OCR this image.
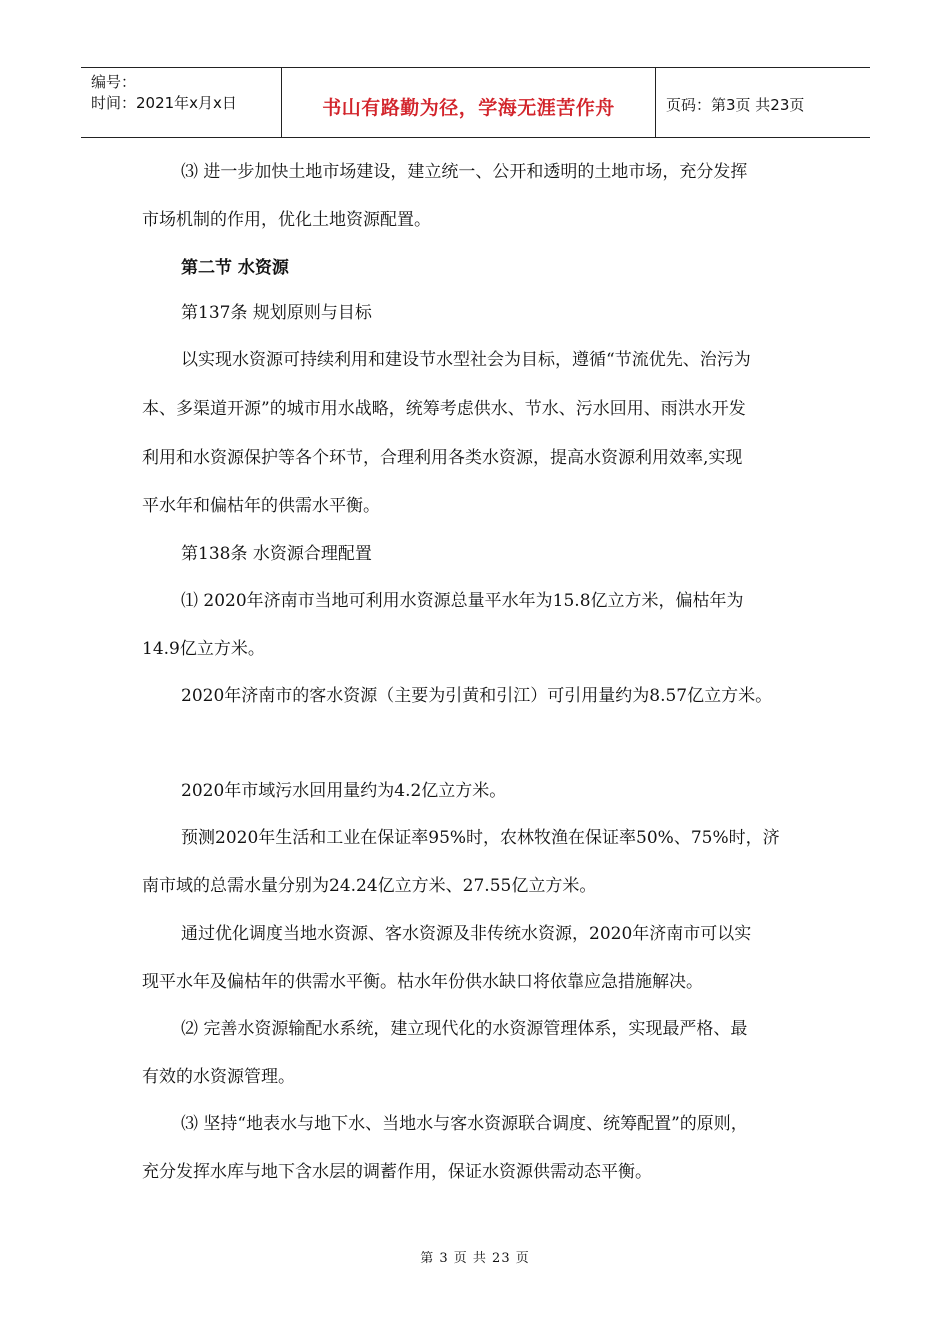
编号：
时间：2021年x月x日	书山有路勤为径，学海无涯苦作舟	页码：第3页 共23页
⑶ 进一步加快土地市场建设，建立统一、公开和透明的土地市场，充分发挥
市场机制的作用，优化土地资源配置。
第二节 水资源
第137条 规划原则与目标
以实现水资源可持续利用和建设节水型社会为目标，遵循“节流优先、治污为
本、多渠道开源”的城市用水战略，统筹考虑供水、节水、污水回用、雨洪水开发
利用和水资源保护等各个环节，合理利用各类水资源，提高水资源利用效率,实现
平水年和偏枯年的供需水平衡。
第138条 水资源合理配置
⑴ 2020年济南市当地可利用水资源总量平水年为15.8亿立方米，偏枯年为
14.9亿立方米。
2020年济南市的客水资源（主要为引黄和引江）可引用量约为8.57亿立方米。
2020年市域污水回用量约为4.2亿立方米。
预测2020年生活和工业在保证率95%时，农林牧渔在保证率50%、75%时，济
南市域的总需水量分别为24.24亿立方米、27.55亿立方米。
通过优化调度当地水资源、客水资源及非传统水资源，2020年济南市可以实
现平水年及偏枯年的供需水平衡。枯水年份供水缺口将依靠应急措施解决。
⑵ 完善水资源输配水系统，建立现代化的水资源管理体系，实现最严格、最
有效的水资源管理。
⑶ 坚持“地表水与地下水、当地水与客水资源联合调度、统筹配置”的原则，
充分发挥水库与地下含水层的调蓄作用，保证水资源供需动态平衡。
第 3 页 共 23 页
